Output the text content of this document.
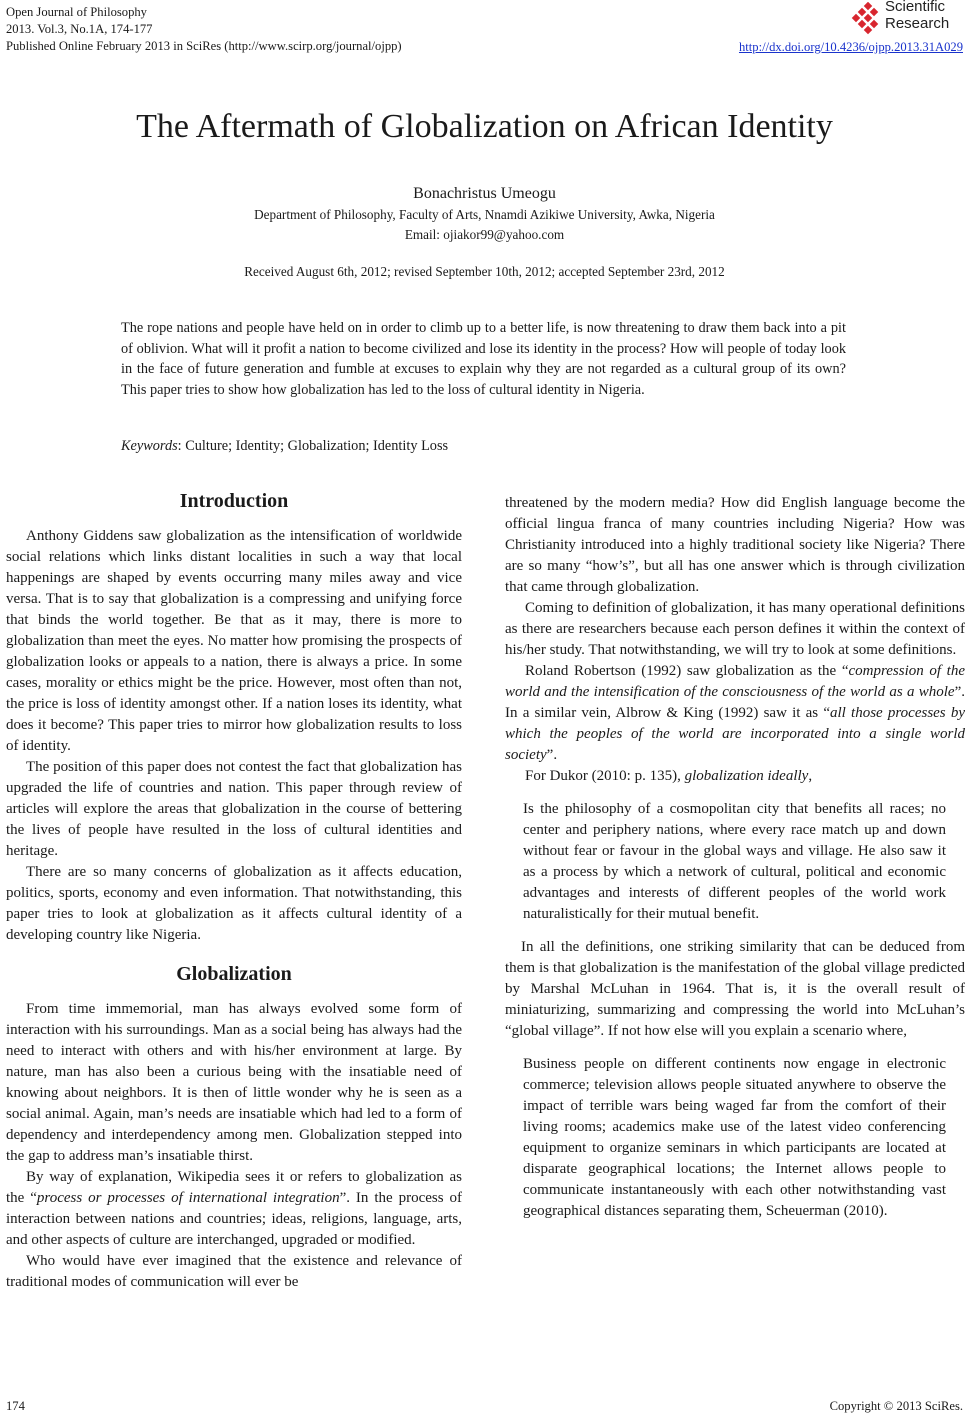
Open Journal of Philosophy
2013. Vol.3, No.1A, 174-177
Published Online February 2013 in SciRes (http://www.scirp.org/journal/ojpp)
Scientific
Research
http://dx.doi.org/10.4236/ojpp.2013.31A029
The Aftermath of Globalization on African Identity
Bonachristus Umeogu
Department of Philosophy, Faculty of Arts, Nnamdi Azikiwe University, Awka, Nigeria
Email: ojiakor99@yahoo.com
Received August 6th, 2012; revised September 10th, 2012; accepted September 23rd, 2012
The rope nations and people have held on in order to climb up to a better life, is now threatening to draw them back into a pit of oblivion. What will it profit a nation to become civilized and lose its identity in the process? How will people of today look in the face of future generation and fumble at excuses to explain why they are not regarded as a cultural group of its own? This paper tries to show how globalization has led to the loss of cultural identity in Nigeria.
Keywords: Culture; Identity; Globalization; Identity Loss
Introduction

Anthony Giddens saw globalization as the intensification of worldwide social relations which links distant localities in such a way that local happenings are shaped by events occurring many miles away and vice versa. That is to say that globalization is a compressing and unifying force that binds the world together. Be that as it may, there is more to globalization than meet the eyes. No matter how promising the prospects of globalization looks or appeals to a nation, there is always a price. In some cases, morality or ethics might be the price. However, most often than not, the price is loss of identity amongst other. If a nation loses its identity, what does it become? This paper tries to mirror how globalization results to loss of identity.

The position of this paper does not contest the fact that globalization has upgraded the life of countries and nation. This paper through review of articles will explore the areas that globalization in the course of bettering the lives of people have resulted in the loss of cultural identities and heritage.

There are so many concerns of globalization as it affects education, politics, sports, economy and even information. That notwithstanding, this paper tries to look at globalization as it affects cultural identity of a developing country like Nigeria.

Globalization

From time immemorial, man has always evolved some form of interaction with his surroundings. Man as a social being has always had the need to interact with others and with his/her environment at large. By nature, man has also been a curious being with the insatiable need of knowing about neighbors. It is then of little wonder why he is seen as a social animal. Again, man’s needs are insatiable which had led to a form of dependency and interdependency among men. Globalization stepped into the gap to address man’s insatiable thirst.

By way of explanation, Wikipedia sees it or refers to globalization as the “process or processes of international integration”. In the process of interaction between nations and countries; ideas, religions, language, arts, and other aspects of culture are interchanged, upgraded or modified.

Who would have ever imagined that the existence and relevance of traditional modes of communication will ever be

threatened by the modern media? How did English language become the official lingua franca of many countries including Nigeria? How was Christianity introduced into a highly traditional society like Nigeria? There are so many “how’s”, but all has one answer which is through civilization that came through globalization.

Coming to definition of globalization, it has many operational definitions as there are researchers because each person defines it within the context of his/her study. That notwithstanding, we will try to look at some definitions.

Roland Robertson (1992) saw globalization as the “compression of the world and the intensification of the consciousness of the world as a whole”. In a similar vein, Albrow & King (1992) saw it as “all those processes by which the peoples of the world are incorporated into a single world society”.

For Dukor (2010: p. 135), globalization ideally,

Is the philosophy of a cosmopolitan city that benefits all races; no center and periphery nations, where every race match up and down without fear or favour in the global ways and village. He also saw it as a process by which a network of cultural, political and economic advantages and interests of different peoples of the world work naturalistically for their mutual benefit.

In all the definitions, one striking similarity that can be deduced from them is that globalization is the manifestation of the global village predicted by Marshal McLuhan in 1964. That is, it is the overall result of miniaturizing, summarizing and compressing the world into McLuhan’s “global village”. If not how else will you explain a scenario where,

Business people on different continents now engage in electronic commerce; television allows people situated anywhere to observe the impact of terrible wars being waged far from the comfort of their living rooms; academics make use of the latest video conferencing equipment to organize seminars in which participants are located at disparate geographical locations; the Internet allows people to communicate instantaneously with each other notwithstanding vast geographical distances separating them, Scheuerman (2010).
174	Copyright © 2013 SciRes.
